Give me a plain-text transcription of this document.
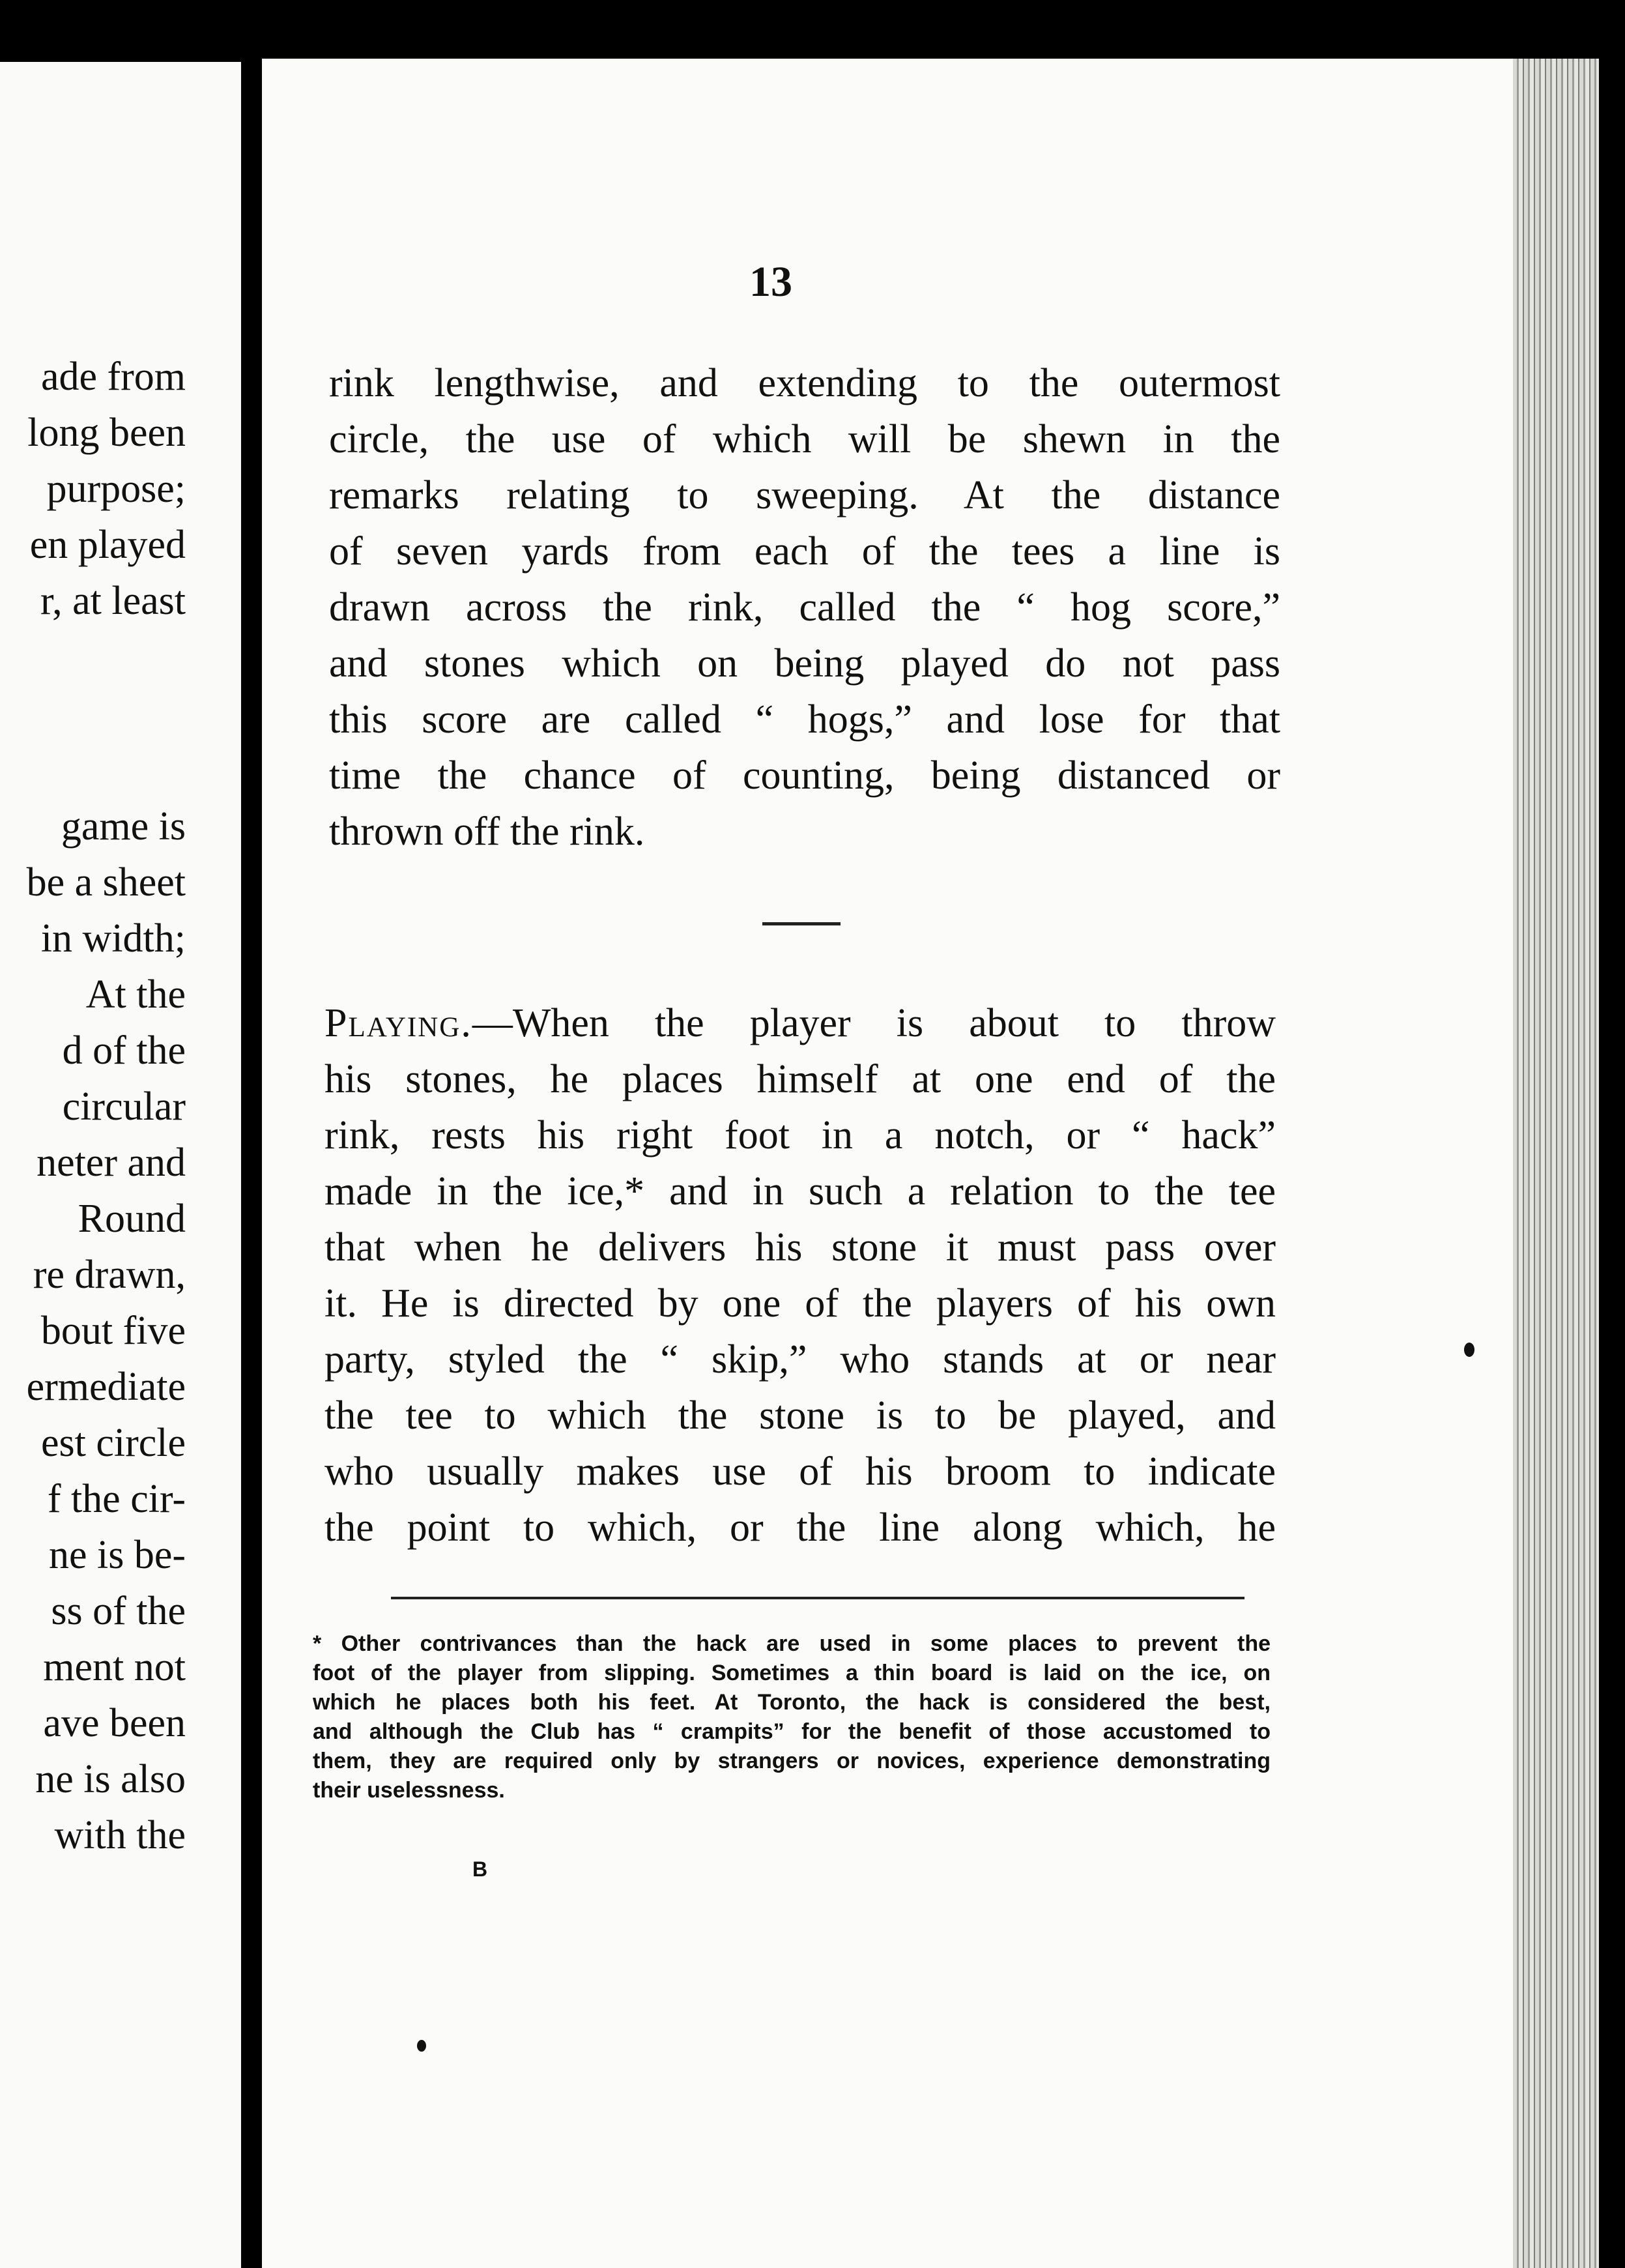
ade from
long been
purpose;
en played
r, at least
game is
be a sheet
in width;
At the
d of the
circular
neter and
Round
re drawn,
bout five
ermediate
est circle
f the cir-
ne is be-
ss of the
ment not
ave been
ne is also
with the
13
rink lengthwise, and extending to the outermost
circle, the use of which will be shewn in the
remarks relating to sweeping. At the distance
of seven yards from each of the tees a line is
drawn across the rink, called the “ hog score,”
and stones which on being played do not pass
this score are called “ hogs,” and lose for that
time the chance of counting, being distanced or
thrown off the rink.
Playing.—When the player is about to throw
his stones, he places himself at one end of the
rink, rests his right foot in a notch, or “ hack”
made in the ice,* and in such a relation to the tee
that when he delivers his stone it must pass over
it. He is directed by one of the players of his own
party, styled the “ skip,” who stands at or near
the tee to which the stone is to be played, and
who usually makes use of his broom to indicate
the point to which, or the line along which, he
* Other contrivances than the hack are used in some places to prevent the
foot of the player from slipping. Sometimes a thin board is laid on the ice, on
which he places both his feet. At Toronto, the hack is considered the best,
and although the Club has “ crampits” for the benefit of those accustomed to
them, they are required only by strangers or novices, experience demonstrating
their uselessness.
B
